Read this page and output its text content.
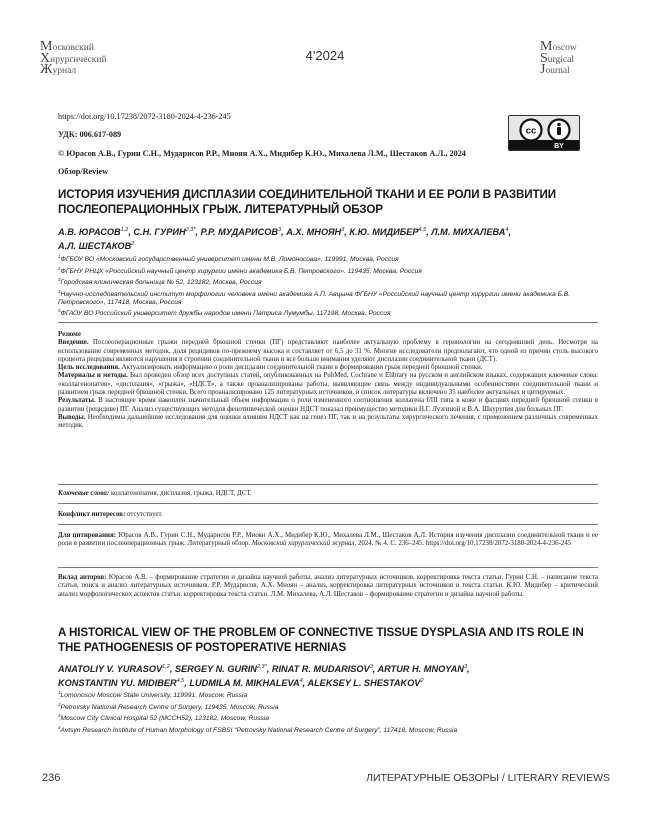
Московский
Хирургический
Журнал
4'2024
Moscow
Surgical
Journal
https://doi.org/10.17238/2072-3180-2024-4-236-245
УДК: 006.617-089
© Юрасов А.В., Гурин С.Н., Мударисов Р.Р., Мноян А.Х., Мидибер К.Ю., Михалева Л.М., Шестаков А.Л., 2024
Обзор/Review
cc
BY
ИСТОРИЯ ИЗУЧЕНИЯ ДИСПЛАЗИИ СОЕДИНИТЕЛЬНОЙ ТКАНИ И ЕЕ РОЛИ В РАЗВИТИИ ПОСЛЕОПЕРАЦИОННЫХ ГРЫЖ. ЛИТЕРАТУРНЫЙ ОБЗОР
А.В. ЮРАСОВ$^{1,2}$, С.Н. $ГУРИН^{2,3*}$, Р.Р. МУДАРИСОВ$^3$, А.Х. МНОЯН$^3$, К.Ю. МИДИБЕР$^{4,5}$, Л.М. МИХАЛЕВА$^4$,
А.Л. ШЕСТАКОВ$^2$
$^1$ФГБОУ ВО «Московский государственный университет имени М.В. Ломоносова». 119991, Москва, Россия
$^2$ФГБНУ РНЦХ «Российский научный центр хирургии имени академика Б.В. Петровского». 119435, Москва, Россия
$^3$Городская клиническая больница № 52, 123182, Москва, Россия
$^4$Научно-исследовательский институт морфологии человека имени академика А.П. Авцына ФГБНУ «Российский научный центр хирургии имени академика Б.В. Петровского», 117418, Москва, Россия
$^5$ФГАОУ ВО Российский университет дружбы народов имени Патриса Лумумбы, 117198, Москва, Россия

Резюме

Введение. Послеоперационные грыжи передней брюшной стенки (ПГ) представляют наиболее актуальную проблему в герниологии на сегодняшний день. Несмотря на использование современных методик, доля рецидивов по-прежнему высока и составляет от 6,5 до 31 %. Многие исследователи предполагают, что одной из причин столь высокого процента рецидива являются нарушения в строении соединительной ткани и все больше внимания уделяют дисплазии соединительной ткани (ДСТ).

Цель исследования. Актуализировать информацию о роли дисплазии соединительной ткани в формировании грыж передней брюшной стенки.

Материалы и методы. Был проведен обзор всех доступных статей, опубликованных на PubMed, Cochrane и Elibrary на русском и английском языках, содержащих ключевые слова: «коллагенопатия», «дисплазия», «грыжа», «НДСТ», а также проанализированы работы, выявляющие связь между индивидуальными особенностями соединительной ткани и развитием грыж передней брюшной стенки. Всего проанализировано 125 литературных источников, в список литературы включено 35 наиболее актуальных и цитируемых.

Результаты. В настоящее время накоплен значительный объем информации о роли измененного соотношения коллагена I/III типа в коже и фасциях передней брюшной стенки в развитии (рецидиве) ПГ. Анализ существующих методов фенотипической оценки НДСТ показал преимущество методики Н.Г. Лузгиной и В.А. Шкурупия для больных ПГ.

Выводы. Необходимы дальнейшие исследования для оценки влияния НДСТ как на генез ПГ, так и на результаты хирургического лечения, с применением различных современных методик.

Ключевые слова: коллагенопатия, дисплазия, грыжа, НДСТ, ДСТ.
Конфликт интересов: отсутствует.
Для цитирования: Юрасов А.В., Гурин С.Н., Мударисов Р.Р., Мноян А.Х., Мидибер К.Ю., Михалева Л.М., Шестаков А.Л. История изучения дисплазии соединительной ткани и ее роли в развитии послеоперационных грыж. Литературный обзор. Московский хирургический журнал, 2024. № 4. С. 236–245. https://doi.org/10.17238/2072-3180-2024-4-236-245
Вклад авторов: Юрасов А.В. – формирование стратегии и дизайна научной работы, анализ литературных источников, корректировка текста статьи. Гурин С.Н. – написание текста статьи, поиск и анализ литературных источников. Р.Р. Мударисов, А.Х. Мноян – анализ, корректировка литературных источников и текста статьи. К.Ю. Мидибер – критический анализ морфологических аспектов статьи, корректировка текста статьи. Л.М. Михалева, А.Л. Шестаков – формирование стратегии и дизайна научной работы.
A HISTORICAL VIEW OF THE PROBLEM OF CONNECTIVE TISSUE DYSPLASIA AND ITS ROLE IN THE PATHOGENESIS OF POSTOPERATIVE HERNIAS
ANATOLIY V. YURASOV$^{1,2}$, SERGEY N. $GURIN^{2,3*}$, RINAT R. MUDARISOV$^3$, ARTUR H. MNOYAN$^3$,
KONSTANTIN YU. MIDIBER$^{4,5}$, LUDMILA M. MIKHALEVA$^4$, ALEKSEY L. SHESTAKOV$^2$
$^1$Lomonosov Moscow State University. 119991. Moscow, Russia
$^2$Petrovsky National Research Centre of Surgery, 119435, Moscow, Russia
$^3$Moscow City Clinical Hospital 52 (MCCH52), 123182, Moscow, Russia
$^4$Avtsyn Research Institute of Human Morphology of FSBSI “Petrovsky National Research Centre of Surgery”, 117418, Moscow, Russia
236	ЛИТЕРАТУРНЫЕ ОБЗОРЫ / LITERARY REVIEWS
